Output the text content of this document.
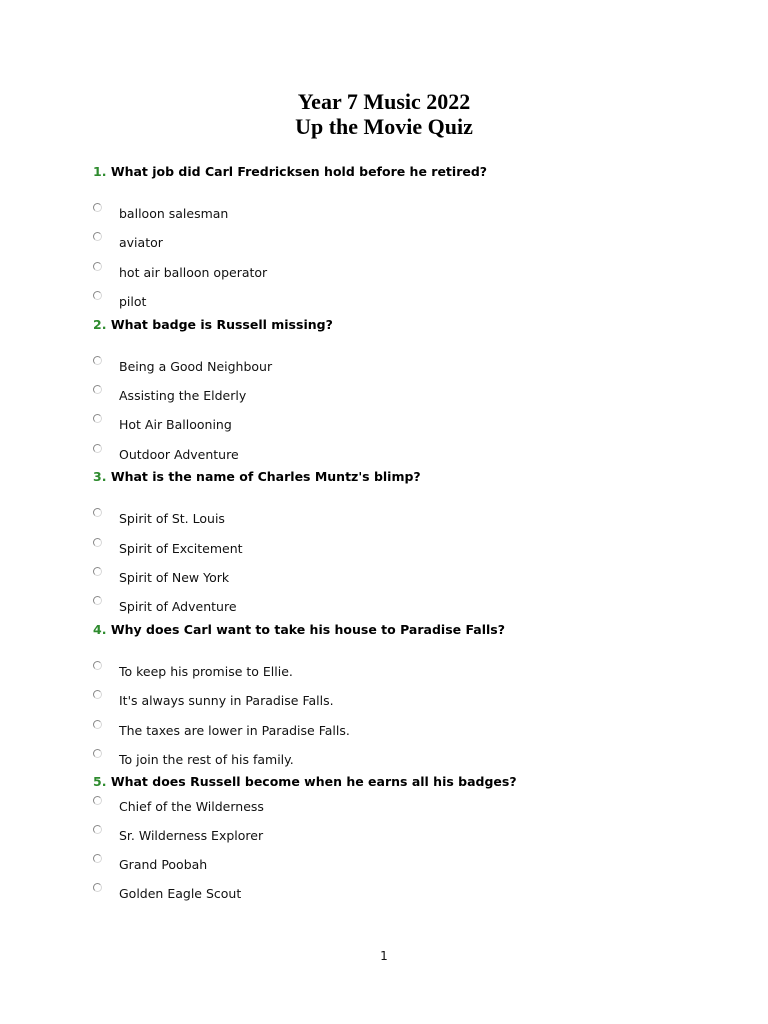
Year 7 Music 2022
Up the Movie Quiz
1. What job did Carl Fredricksen hold before he retired?
balloon salesman
aviator
hot air balloon operator
pilot
2. What badge is Russell missing?
Being a Good Neighbour
Assisting the Elderly
Hot Air Ballooning
Outdoor Adventure
3. What is the name of Charles Muntz's blimp?
Spirit of St. Louis
Spirit of Excitement
Spirit of New York
Spirit of Adventure
4. Why does Carl want to take his house to Paradise Falls?
To keep his promise to Ellie.
It's always sunny in Paradise Falls.
The taxes are lower in Paradise Falls.
To join the rest of his family.
5. What does Russell become when he earns all his badges?
Chief of the Wilderness
Sr. Wilderness Explorer
Grand Poobah
Golden Eagle Scout
1
